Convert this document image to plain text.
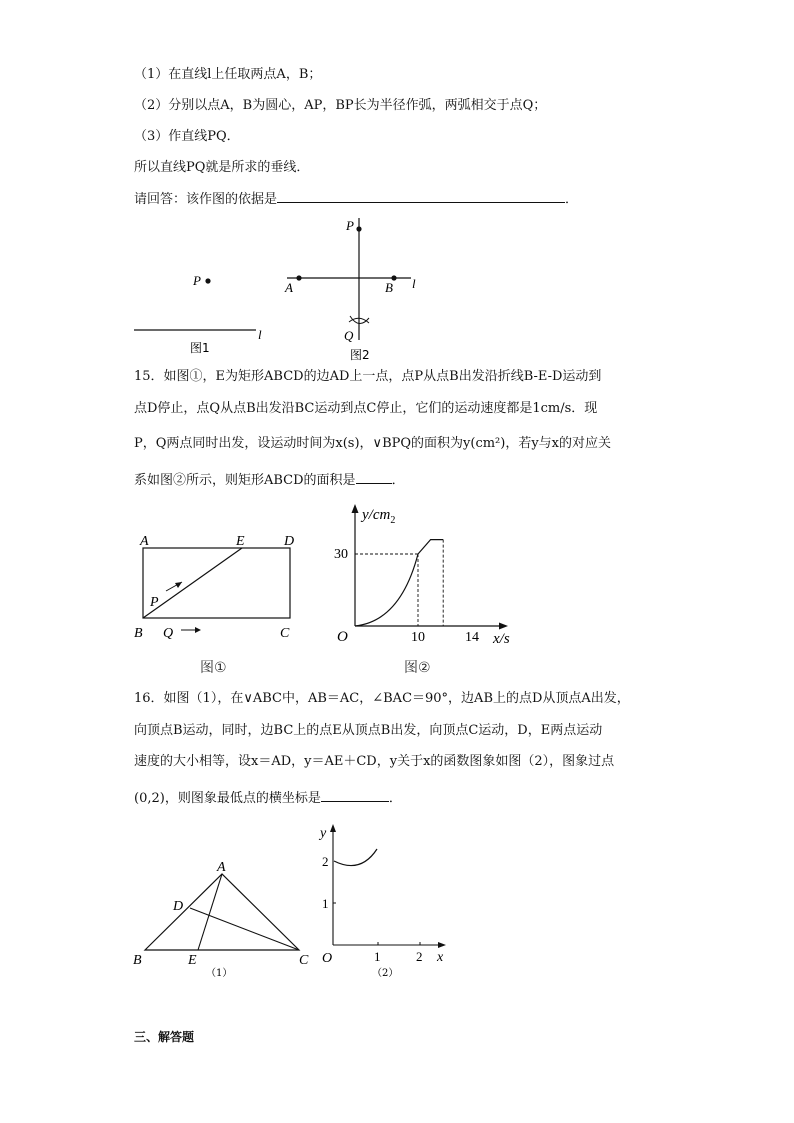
（1）在直线l上任取两点A，B；
（2）分别以点A，B为圆心，AP，BP长为半径作弧，两弧相交于点Q；
（3）作直线PQ．
所以直线PQ就是所求的垂线．
请回答：该作图的依据是	．
P
l
图1
P
A	B l
Q
图2
15．如图①，E为矩形ABCD的边AD上一点，点P从点B出发沿折线B-E-D运动到
点D停止，点Q从点B出发沿BC运动到点C停止，它们的运动速度都是1cm/s．现
P，Q两点同时出发，设运动时间为x(s)，∨BPQ的面积为y(cm²)，若y与x的对应关
系如图②所示，则矩形ABCD的面积是	．
A	E	D
P
B Q	C
图①
$y/cm_2$
30
O	10	14 x/s
图②
16．如图（1），在∨ABC中，AB＝AC，∠BAC＝90°，边AB上的点D从顶点A出发，
向顶点B运动，同时，边BC上的点E从顶点B出发，向顶点C运动，D，E两点运动
速度的大小相等，设x＝AD，y＝AE＋CD，y关于x的函数图象如图（2），图象过点
(0,2)，则图象最低点的横坐标是	．
A
D
B	E	C
（1）
y
2
1
O	1	2 x
（2）
三、解答题
